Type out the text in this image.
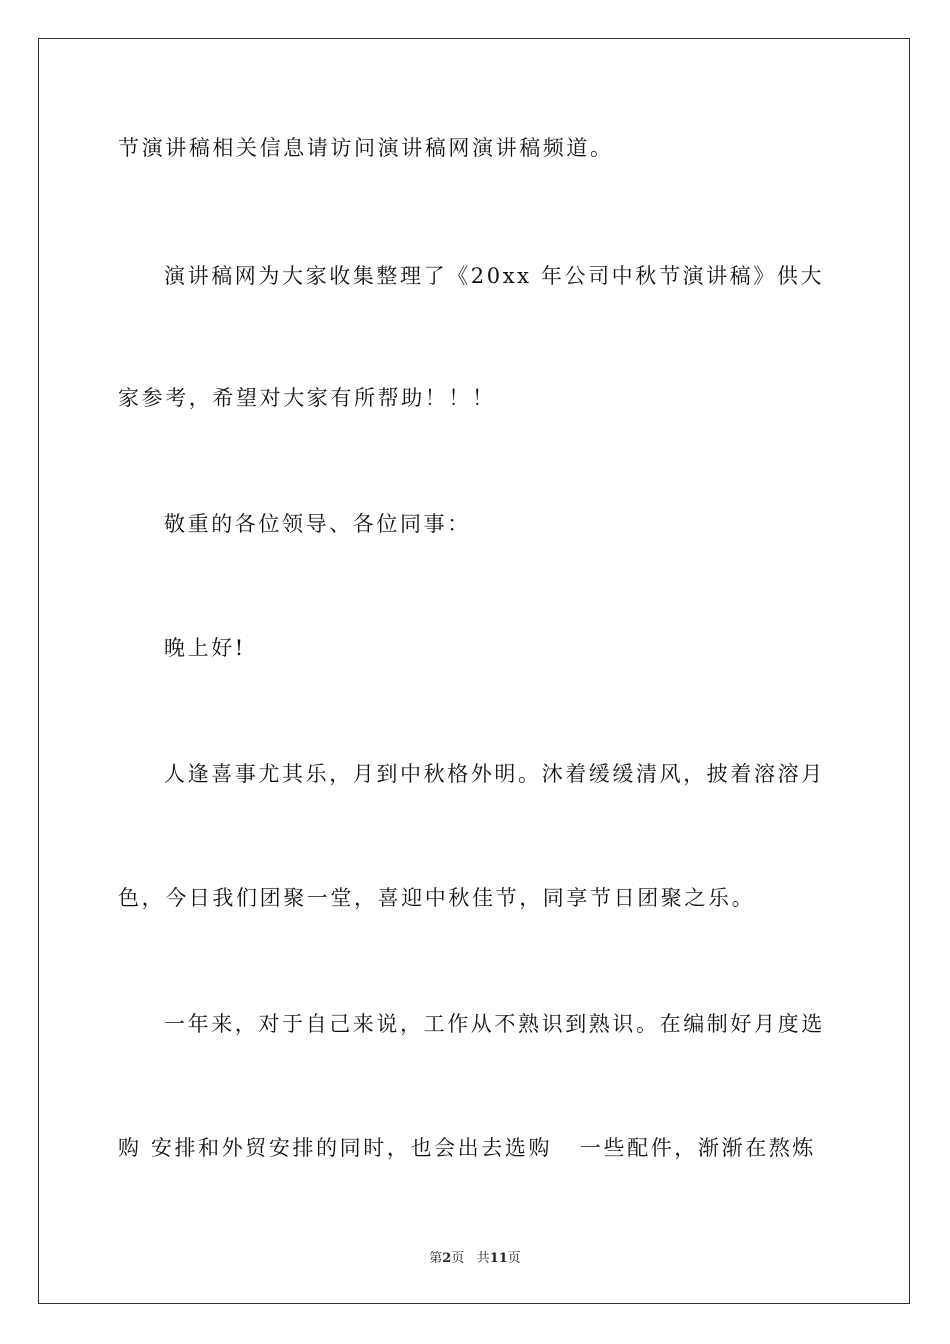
节演讲稿相关信息请访问演讲稿网演讲稿频道。
演讲稿网为大家收集整理了《20xx 年公司中秋节演讲稿》供大
家参考，希望对大家有所帮助！！！
敬重的各位领导、各位同事：
晚上好!
人逢喜事尤其乐，月到中秋格外明。沐着缓缓清风，披着溶溶月
色，今日我们团聚一堂，喜迎中秋佳节，同享节日团聚之乐。
一年来，对于自己来说，工作从不熟识到熟识。在编制好月度选
购 安排和外贸安排的同时，也会出去选购   一些配件，渐渐在熬炼
第2页 共11页
